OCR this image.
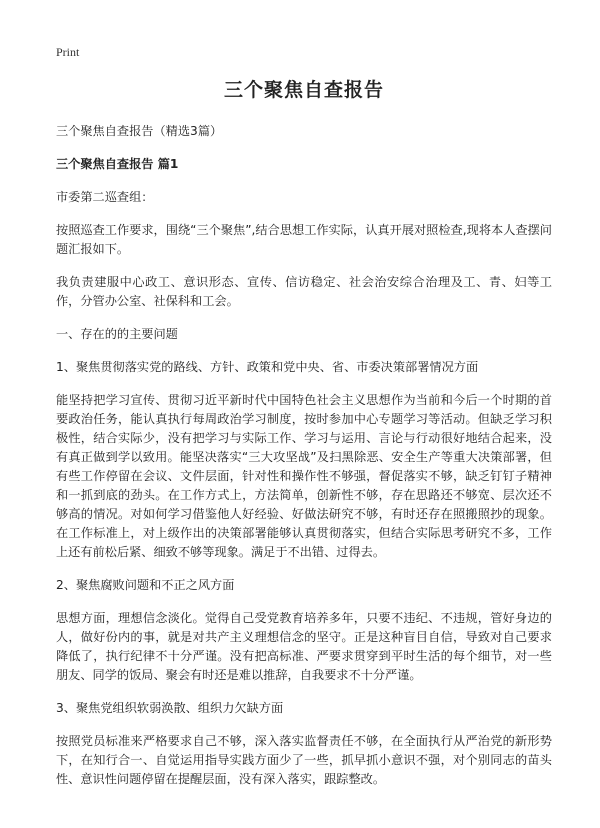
Print
三个聚焦自查报告

三个聚焦自查报告（精选3篇）

三个聚焦自查报告 篇1

市委第二巡查组：

按照巡查工作要求，围绕“三个聚焦”,结合思想工作实际，认真开展对照检查,现将本人查摆问题汇报如下。

我负责建服中心政工、意识形态、宣传、信访稳定、社会治安综合治理及工、青、妇等工作，分管办公室、社保科和工会。

一、存在的的主要问题

1、聚焦贯彻落实党的路线、方针、政策和党中央、省、市委决策部署情况方面

能坚持把学习宣传、贯彻习近平新时代中国特色社会主义思想作为当前和今后一个时期的首要政治任务，能认真执行每周政治学习制度，按时参加中心专题学习等活动。但缺乏学习积极性，结合实际少，没有把学习与实际工作、学习与运用、言论与行动很好地结合起来，没有真正做到学以致用。能坚决落实“三大攻坚战”及扫黑除恶、安全生产等重大决策部署，但有些工作停留在会议、文件层面，针对性和操作性不够强，督促落实不够，缺乏钉钉子精神和一抓到底的劲头。在工作方式上，方法简单，创新性不够，存在思路还不够宽、层次还不够高的情况。对如何学习借鉴他人好经验、好做法研究不够，有时还存在照搬照抄的现象。在工作标准上，对上级作出的决策部署能够认真贯彻落实，但结合实际思考研究不多，工作上还有前松后紧、细致不够等现象。满足于不出错、过得去。

2、聚焦腐败问题和不正之风方面

思想方面，理想信念淡化。觉得自己受党教育培养多年，只要不违纪、不违规，管好身边的人，做好份内的事，就是对共产主义理想信念的坚守。正是这种盲目自信，导致对自己要求降低了，执行纪律不十分严谨。没有把高标准、严要求贯穿到平时生活的每个细节，对一些朋友、同学的饭局、聚会有时还是难以推辞，自我要求不十分严谨。

3、聚焦党组织软弱涣散、组织力欠缺方面

按照党员标准来严格要求自己不够，深入落实监督责任不够，在全面执行从严治党的新形势下，在知行合一、自觉运用指导实践方面少了一些，抓早抓小意识不强，对个别同志的苗头性、意识性问题停留在提醒层面，没有深入落实，跟踪整改。
